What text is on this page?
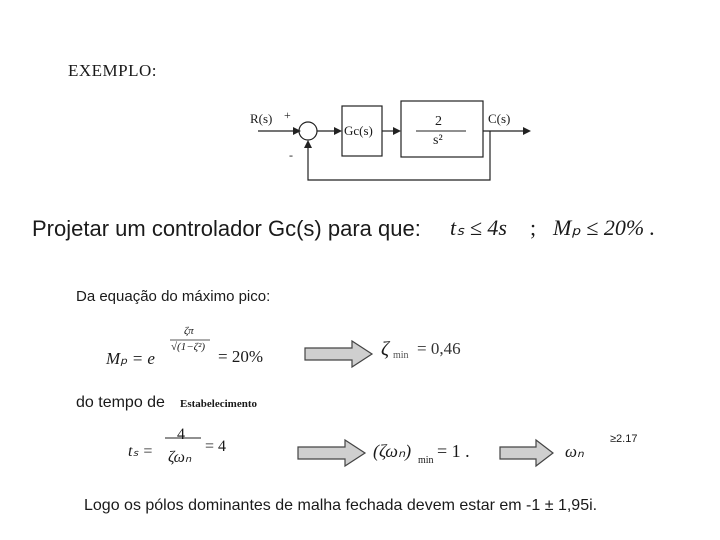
EXEMPLO:
R(s) +
-
Gc(s)
2
s²
C(s)
Projetar um controlador Gc(s) para que: tₛ ≤ 4s ; Mₚ ≤ 20% .
Da equação do máximo pico:
Mₚ = e
ζπ
√(1−ζ²) = 20%	ζ min = 0,46
do tempo de Estabelecimento
tₛ =
4
ζωₙ
= 4	(ζωₙ) min = 1 .	ωₙ
≥2.17
Logo os pólos dominantes de malha fechada devem estar em -1 ± 1,95i.
